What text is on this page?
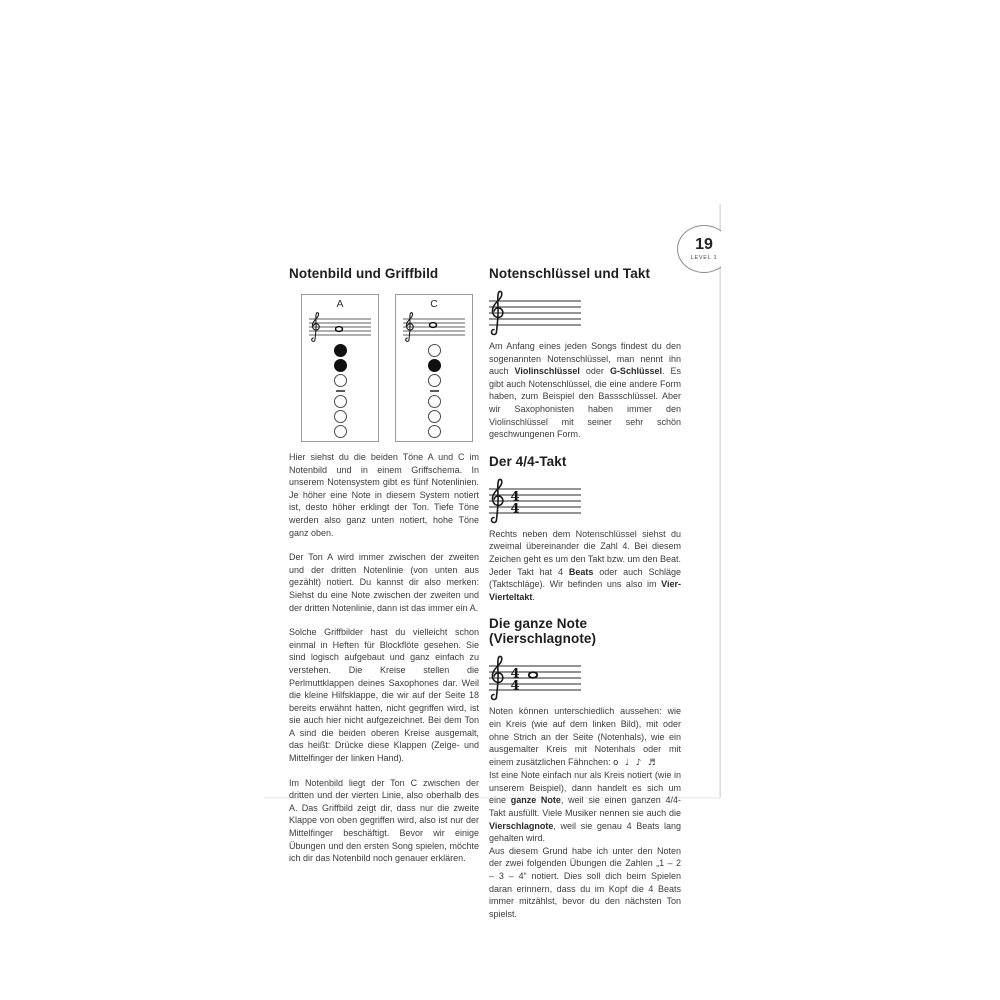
19
LEVEL 1
Notenbild und Griffbild
A	C

Hier siehst du die beiden Töne A und C im Notenbild und in einem Griffschema. In unserem Notensystem gibt es fünf Notenlinien. Je höher eine Note in diesem System notiert ist, desto höher erklingt der Ton. Tiefe Töne werden also ganz unten notiert, hohe Töne ganz oben.

Der Ton A wird immer zwischen der zweiten und der dritten Notenlinie (von unten aus gezählt) notiert. Du kannst dir also merken: Siehst du eine Note zwischen der zweiten und der dritten Notenlinie, dann ist das immer ein A.

Solche Griffbilder hast du vielleicht schon einmal in Heften für Blockflöte gesehen. Sie sind logisch aufgebaut und ganz einfach zu verstehen. Die Kreise stellen die Perlmuttklappen deines Saxophones dar. Weil die kleine Hilfsklappe, die wir auf der Seite 18 bereits erwähnt hatten, nicht gegriffen wird, ist sie auch hier nicht aufgezeichnet. Bei dem Ton A sind die beiden oberen Kreise ausgemalt, das heißt: Drücke diese Klappen (Zeige- und Mittelfinger der linken Hand).

Im Notenbild liegt der Ton C zwischen der dritten und der vierten Linie, also oberhalb des A. Das Griffbild zeigt dir, dass nur die zweite Klappe von oben gegriffen wird, also ist nur der Mittelfinger beschäftigt. Bevor wir einige Übungen und den ersten Song spielen, möchte ich dir das Notenbild noch genauer erklären.

Notenschlüssel und Takt

Am Anfang eines jeden Songs findest du den sogenannten Notenschlüssel, man nennt ihn auch Violinschlüssel oder G-Schlüssel. Es gibt auch Notenschlüssel, die eine andere Form haben, zum Beispiel den Bassschlüssel. Aber wir Saxophonisten haben immer den Violinschlüssel mit seiner sehr schön geschwungenen Form.

Der 4/4-Takt
4
4

Rechts neben dem Notenschlüssel siehst du zweimal übereinander die Zahl 4. Bei diesem Zeichen geht es um den Takt bzw. um den Beat. Jeder Takt hat 4 Beats oder auch Schläge (Taktschläge). Wir befinden uns also im Vier-Vierteltakt.

Die ganze Note (Vierschlagnote)
4
4

Noten können unterschiedlich aussehen: wie ein Kreis (wie auf dem linken Bild), mit oder ohne Strich an der Seite (Notenhals), wie ein ausgemalter Kreis mit Notenhals oder mit einem zusätzlichen Fähnchen: o ♩ ♪ ♬

Ist eine Note einfach nur als Kreis notiert (wie in unserem Beispiel), dann handelt es sich um eine ganze Note, weil sie einen ganzen 4/4-Takt ausfüllt. Viele Musiker nennen sie auch die Vierschlagnote, weil sie genau 4 Beats lang gehalten wird.

Aus diesem Grund habe ich unter den Noten der zwei folgenden Übungen die Zahlen „1 – 2 – 3 – 4“ notiert. Dies soll dich beim Spielen daran erinnern, dass du im Kopf die 4 Beats immer mitzählst, bevor du den nächsten Ton spielst.
